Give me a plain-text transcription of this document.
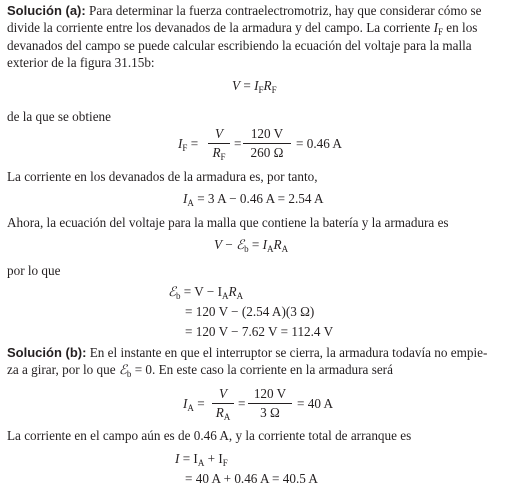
Solución (a): Para determinar la fuerza contraelectromotriz, hay que considerar cómo se
divide la corriente entre los devanados de la armadura y del campo. La corriente $I_F$ en los
devanados del campo se puede calcular escribiendo la ecuación del voltaje para la malla
exterior de la figura 31.15b:
$V = I_FR_F$
de la que se obtiene
$I_F$ =
V
$R_F$
=
120 V
260 Ω
= 0.46 A
La corriente en los devanados de la armadura es, por tanto,
$I_A = 3$ A − 0.46 A = 2.54 A
Ahora, la ecuación del voltaje para la malla que contiene la batería y la armadura es
V − ℰ$_b$ = $I_AR_A$
por lo que
ℰ$_b$ = $V - I_AR_A$
= 120 V − (2.54 A)(3 Ω)
= 120 V − 7.62 V = 112.4 V
Solución (b): En el instante en que el interruptor se cierra, la armadura todavía no empie-
za a girar, por lo que ℰ$_b$ = 0. En este caso la corriente en la armadura será
$I_A$ =
V
$R_A$
=
120 V
3 Ω
= 40 A
La corriente en el campo aún es de 0.46 A, y la corriente total de arranque es
$I = I_A + I_F$
= 40 A + 0.46 A = 40.5 A
